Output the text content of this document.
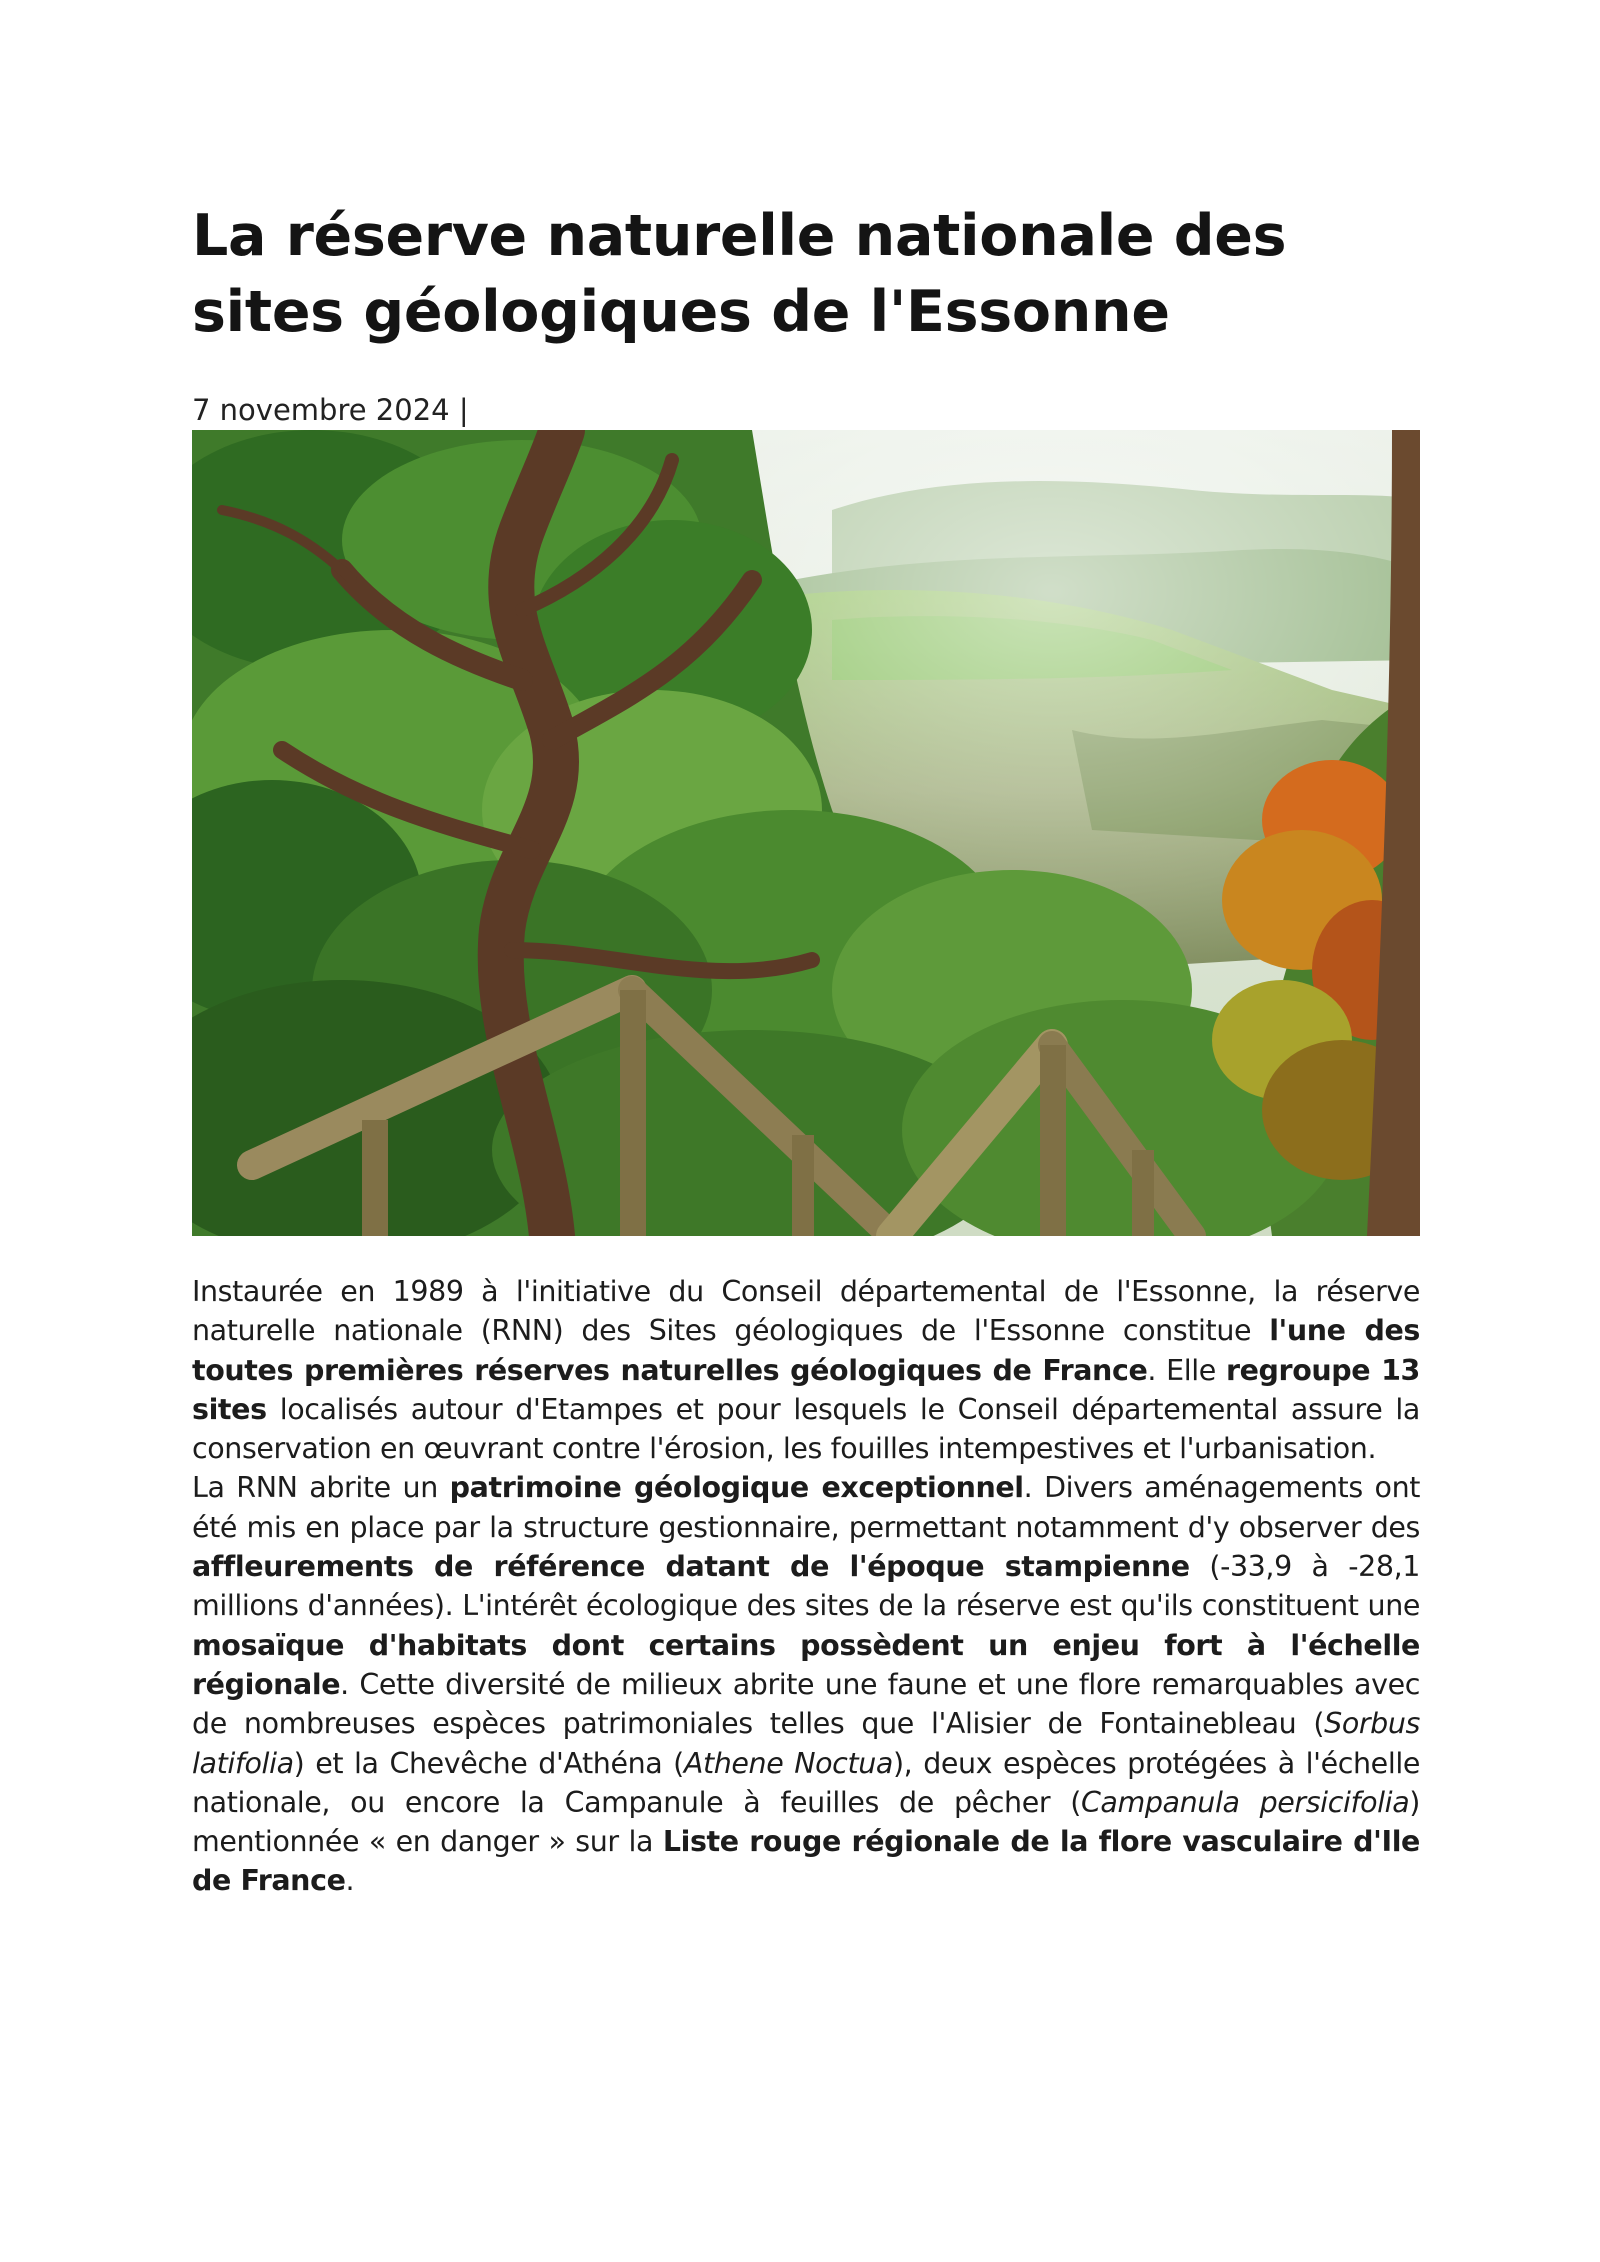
La réserve naturelle nationale des sites géologiques de l'Essonne
7 novembre 2024 |

Instaurée en 1989 à l'initiative du Conseil départemental de l'Essonne, la réserve naturelle nationale (RNN) des Sites géologiques de l'Essonne constitue l'une des toutes premières réserves naturelles géologiques de France. Elle regroupe 13 sites localisés autour d'Etampes et pour lesquels le Conseil départemental assure la conservation en œuvrant contre l'érosion, les fouilles intempestives et l'urbanisation.

La RNN abrite un patrimoine géologique exceptionnel. Divers aménagements ont été mis en place par la structure gestionnaire, permettant notamment d'y observer des affleurements de référence datant de l'époque stampienne (-33,9 à -28,1 millions d'années). L'intérêt écologique des sites de la réserve est qu'ils constituent une mosaïque d'habitats dont certains possèdent un enjeu fort à l'échelle régionale. Cette diversité de milieux abrite une faune et une flore remarquables avec de nombreuses espèces patrimoniales telles que l'Alisier de Fontainebleau (Sorbus latifolia) et la Chevêche d'Athéna (Athene Noctua), deux espèces protégées à l'échelle nationale, ou encore la Campanule à feuilles de pêcher (Campanula persicifolia) mentionnée « en danger » sur la Liste rouge régionale de la flore vasculaire d'Ile de France.
